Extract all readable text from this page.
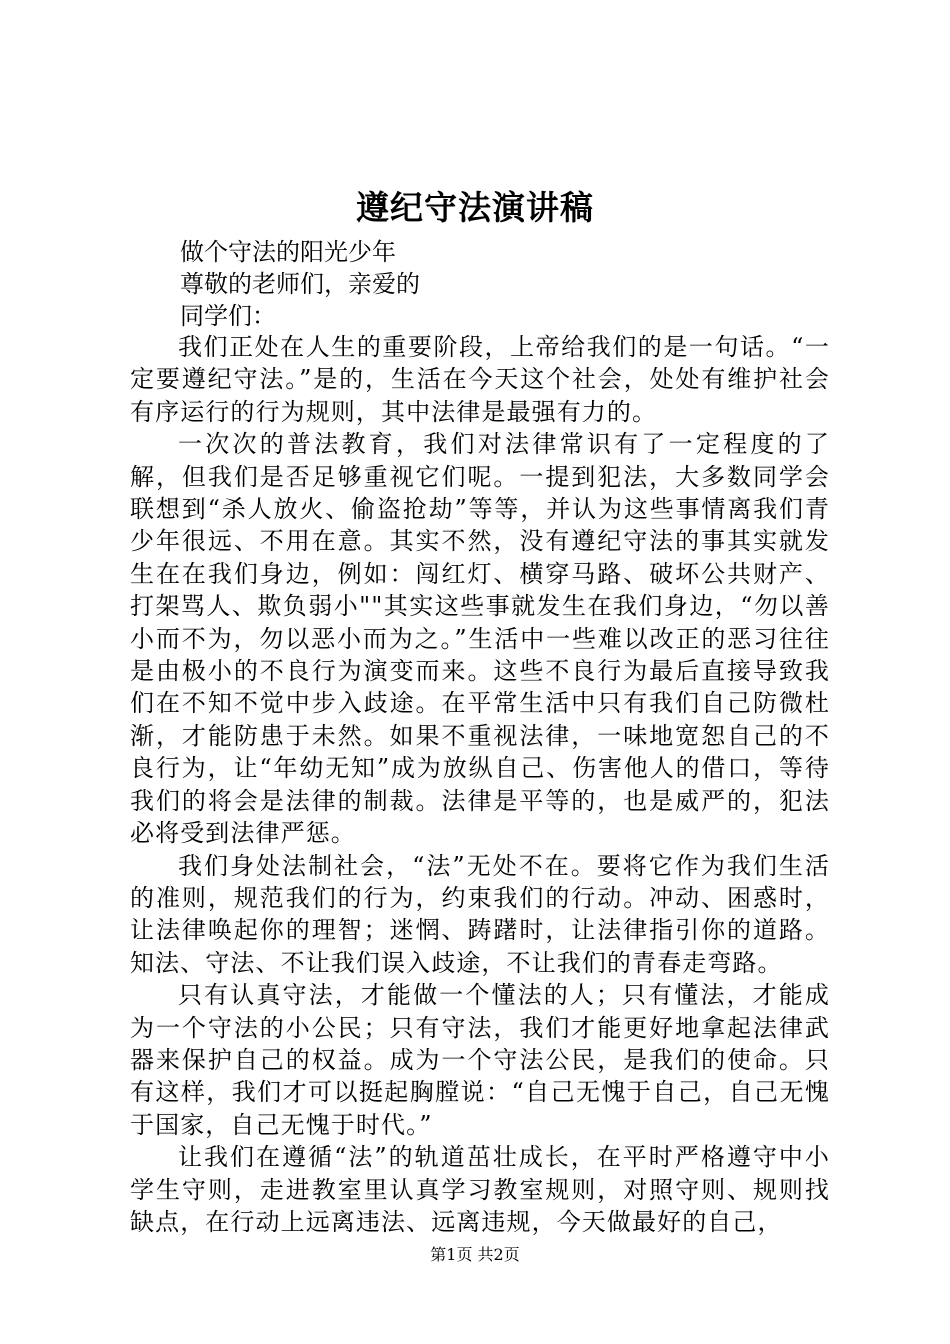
遵纪守法演讲稿
做个守法的阳光少年
尊敬的老师们，亲爱的
同学们：

我们正处在人生的重要阶段，上帝给我们的是一句话。“一定要遵纪守法。”是的，生活在今天这个社会，处处有维护社会有序运行的行为规则，其中法律是最强有力的。

一次次的普法教育，我们对法律常识有了一定程度的了解，但我们是否足够重视它们呢。一提到犯法，大多数同学会联想到“杀人放火、偷盗抢劫”等等，并认为这些事情离我们青少年很远、不用在意。其实不然，没有遵纪守法的事其实就发生在在我们身边，例如：闯红灯、横穿马路、破坏公共财产、打架骂人、欺负弱小""其实这些事就发生在我们身边，“勿以善小而不为，勿以恶小而为之。”生活中一些难以改正的恶习往往是由极小的不良行为演变而来。这些不良行为最后直接导致我们在不知不觉中步入歧途。在平常生活中只有我们自己防微杜渐，才能防患于未然。如果不重视法律，一味地宽恕自己的不良行为，让“年幼无知”成为放纵自己、伤害他人的借口，等待我们的将会是法律的制裁。法律是平等的，也是威严的，犯法必将受到法律严惩。

我们身处法制社会，“法”无处不在。要将它作为我们生活的准则，规范我们的行为，约束我们的行动。冲动、困惑时，让法律唤起你的理智；迷惘、踌躇时，让法律指引你的道路。知法、守法、不让我们误入歧途，不让我们的青春走弯路。

只有认真守法，才能做一个懂法的人；只有懂法，才能成为一个守法的小公民；只有守法，我们才能更好地拿起法律武器来保护自己的权益。成为一个守法公民，是我们的使命。只有这样，我们才可以挺起胸膛说：“自己无愧于自己，自己无愧于国家，自己无愧于时代。”

让我们在遵循“法”的轨道茁壮成长，在平时严格遵守中小学生守则，走进教室里认真学习教室规则，对照守则、规则找缺点，在行动上远离违法、远离违规，今天做最好的自己，

第1页 共2页
